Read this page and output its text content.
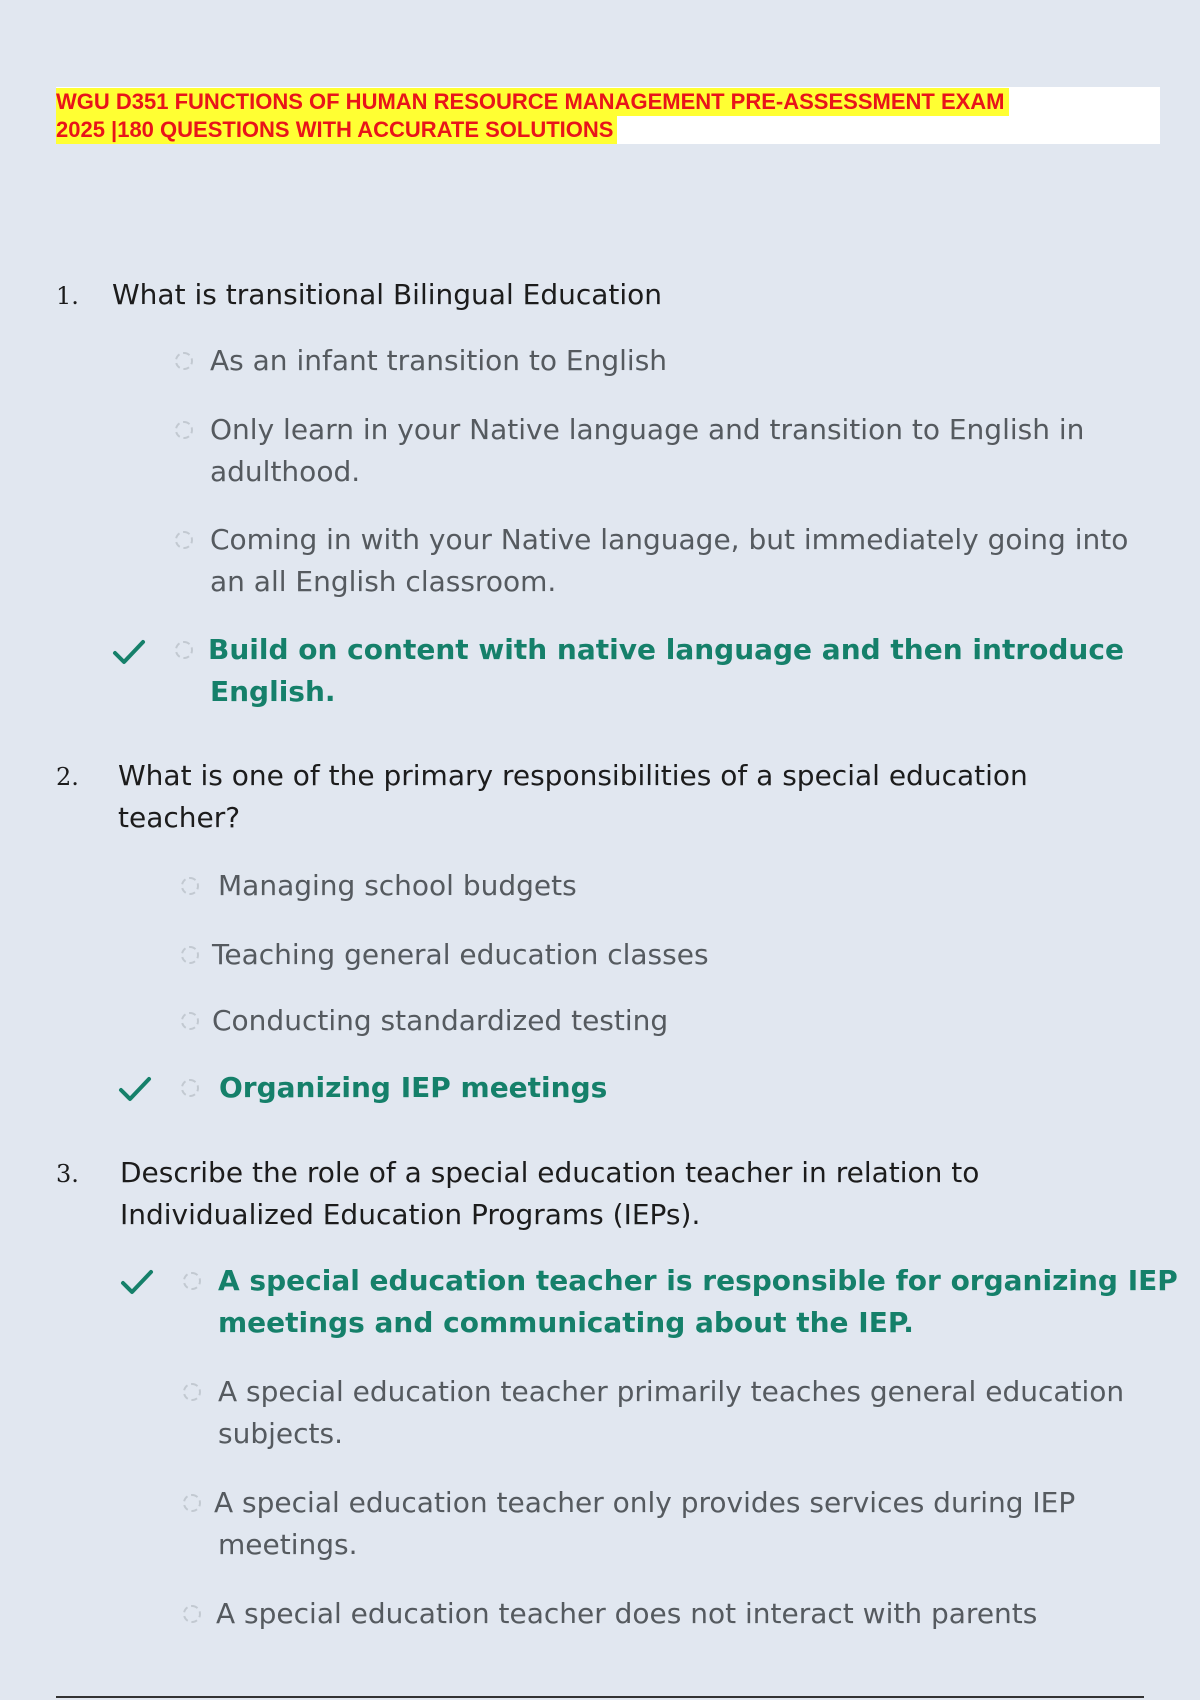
WGU D351 FUNCTIONS OF HUMAN RESOURCE MANAGEMENT PRE-ASSESSMENT EXAM
2025 |180 QUESTIONS WITH ACCURATE SOLUTIONS
1. What is transitional Bilingual Education
As an infant transition to English
Only learn in your Native language and transition to English in
adulthood.
Coming in with your Native language, but immediately going into
an all English classroom.
Build on content with native language and then introduce
English.
2. What is one of the primary responsibilities of a special education
teacher?
Managing school budgets
Teaching general education classes
Conducting standardized testing
Organizing IEP meetings
3. Describe the role of a special education teacher in relation to
Individualized Education Programs (IEPs).
A special education teacher is responsible for organizing IEP
meetings and communicating about the IEP.
A special education teacher primarily teaches general education
subjects.
A special education teacher only provides services during IEP
meetings.
A special education teacher does not interact with parents
